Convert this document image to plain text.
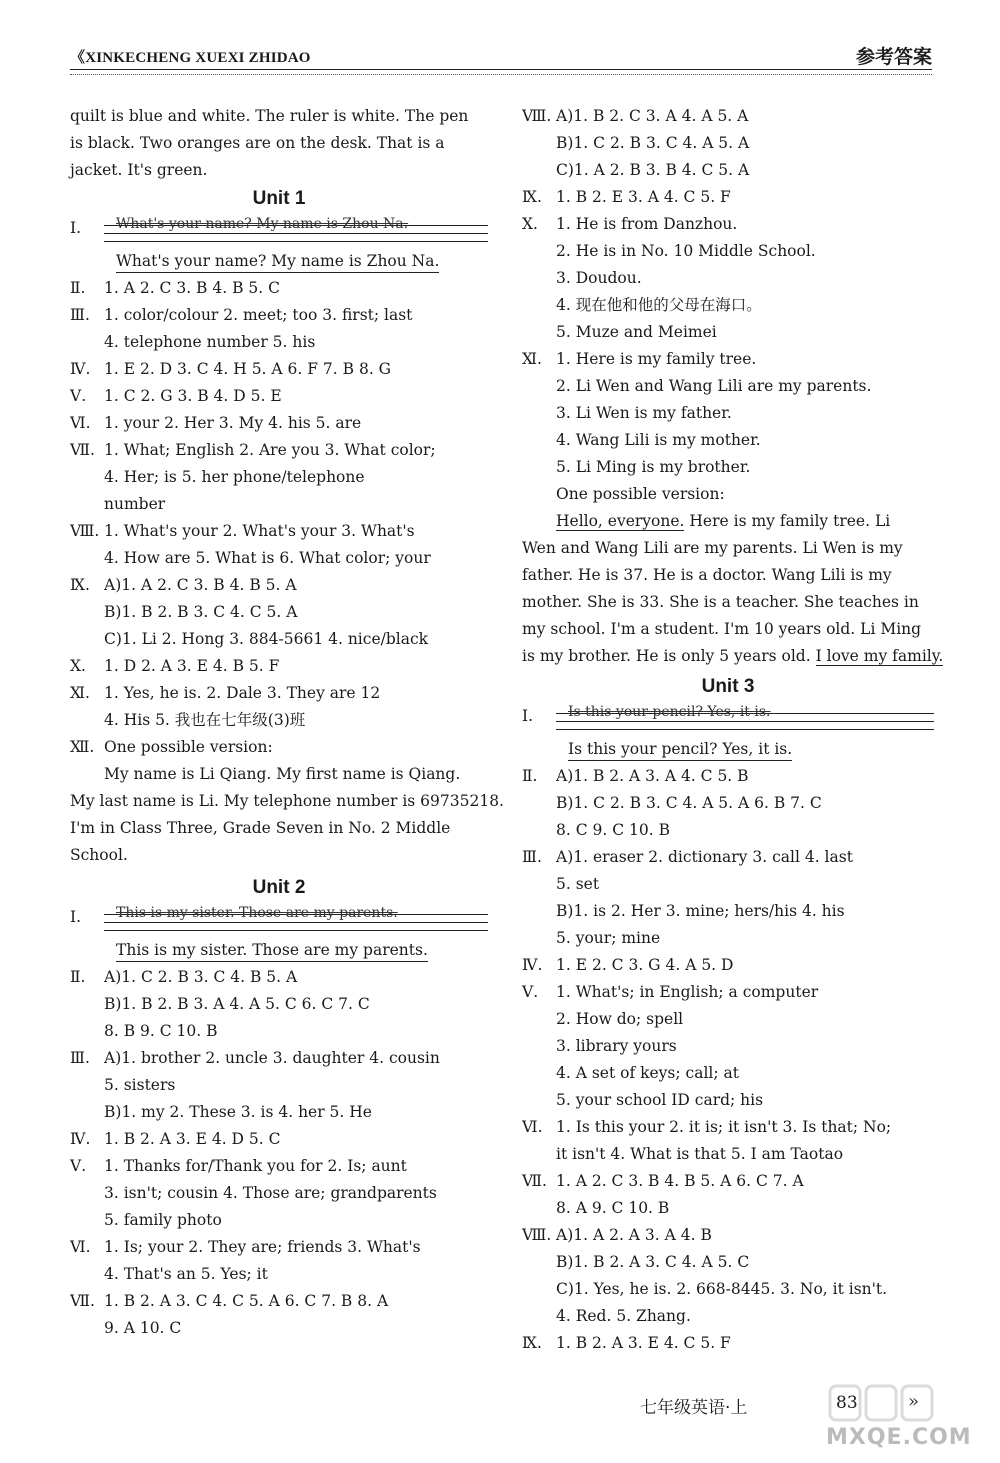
《XINKECHENG XUEXI ZHIDAO	参考答案
quilt is blue and white. The ruler is white. The pen
is black. Two oranges are on the desk. That is a
jacket. It's green.
Unit 1
Ⅰ.	What's your name? My name is Zhou Na.
What's your name? My name is Zhou Na.
Ⅱ. 1. A 2. C 3. B 4. B 5. C
Ⅲ. 1. color/colour 2. meet; too 3. first; last
4. telephone number 5. his
Ⅳ. 1. E 2. D 3. C 4. H 5. A 6. F 7. B 8. G
Ⅴ. 1. C 2. G 3. B 4. D 5. E
Ⅵ. 1. your 2. Her 3. My 4. his 5. are
Ⅶ. 1. What; English 2. Are you 3. What color;
4. Her; is 5. her phone/telephone
number
Ⅷ. 1. What's your 2. What's your 3. What's
4. How are 5. What is 6. What color; your
Ⅸ. A)1. A 2. C 3. B 4. B 5. A
B)1. B 2. B 3. C 4. C 5. A
C)1. Li 2. Hong 3. 884-5661 4. nice/black
Ⅹ. 1. D 2. A 3. E 4. B 5. F
Ⅺ. 1. Yes, he is. 2. Dale 3. They are 12
4. His 5. 我也在七年级(3)班
Ⅻ. One possible version:
My name is Li Qiang. My first name is Qiang.
My last name is Li. My telephone number is 69735218.
I'm in Class Three, Grade Seven in No. 2 Middle
School.
Unit 2
Ⅰ.	This is my sister. Those are my parents.
This is my sister. Those are my parents.
Ⅱ. A)1. C 2. B 3. C 4. B 5. A
B)1. B 2. B 3. A 4. A 5. C 6. C 7. C
8. B 9. C 10. B
Ⅲ. A)1. brother 2. uncle 3. daughter 4. cousin
5. sisters
B)1. my 2. These 3. is 4. her 5. He
Ⅳ. 1. B 2. A 3. E 4. D 5. C
Ⅴ. 1. Thanks for/Thank you for 2. Is; aunt
3. isn't; cousin 4. Those are; grandparents
5. family photo
Ⅵ. 1. Is; your 2. They are; friends 3. What's
4. That's an 5. Yes; it
Ⅶ. 1. B 2. A 3. C 4. C 5. A 6. C 7. B 8. A
9. A 10. C
Ⅷ. A)1. B 2. C 3. A 4. A 5. A
B)1. C 2. B 3. C 4. A 5. A
C)1. A 2. B 3. B 4. C 5. A
Ⅸ. 1. B 2. E 3. A 4. C 5. F
Ⅹ. 1. He is from Danzhou.
2. He is in No. 10 Middle School.
3. Doudou.
4. 现在他和他的父母在海口。
5. Muze and Meimei
Ⅺ. 1. Here is my family tree.
2. Li Wen and Wang Lili are my parents.
3. Li Wen is my father.
4. Wang Lili is my mother.
5. Li Ming is my brother.
One possible version:
Hello, everyone. Here is my family tree. Li
Wen and Wang Lili are my parents. Li Wen is my
father. He is 37. He is a doctor. Wang Lili is my
mother. She is 33. She is a teacher. She teaches in
my school. I'm a student. I'm 10 years old. Li Ming
is my brother. He is only 5 years old. I love my family.
Unit 3
Ⅰ.	Is this your pencil? Yes, it is.
Is this your pencil? Yes, it is.
Ⅱ. A)1. B 2. A 3. A 4. C 5. B
B)1. C 2. B 3. C 4. A 5. A 6. B 7. C
8. C 9. C 10. B
Ⅲ. A)1. eraser 2. dictionary 3. call 4. last
5. set
B)1. is 2. Her 3. mine; hers/his 4. his
5. your; mine
Ⅳ. 1. E 2. C 3. G 4. A 5. D
Ⅴ. 1. What's; in English; a computer
2. How do; spell
3. library yours
4. A set of keys; call; at
5. your school ID card; his
Ⅵ. 1. Is this your 2. it is; it isn't 3. Is that; No;
it isn't 4. What is that 5. I am Taotao
Ⅶ. 1. A 2. C 3. B 4. B 5. A 6. C 7. A
8. A 9. C 10. B
Ⅷ. A)1. A 2. A 3. A 4. B
B)1. B 2. A 3. C 4. A 5. C
C)1. Yes, he is. 2. 668-8445. 3. No, it isn't.
4. Red. 5. Zhang.
Ⅸ. 1. B 2. A 3. E 4. C 5. F
七年级英语·上	83	»
MXQE.COM
